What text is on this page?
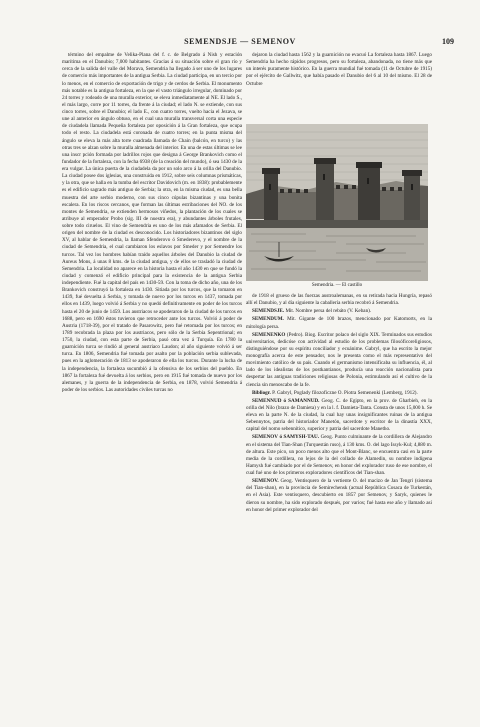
SEMENDSJE — SEMENOV	109

término del empalme de Velika-Plana del f. c. de Belgrado á Nish y estación marítima en el Danubio; 7,000 habitantes. Gracias á su situación sobre el gran río y cerca de la salida del valle del Morava, Semendria ha llegado á ser uno de los lugares de comercio más importantes de la antigua Serbia. La ciudad participa, en un tercio por lo menos, en el comercio de exportación de trigo y de cerdos de Serbia. El monumento más notable es la antigua fortaleza, en la que el vasto triángulo irregular, dominado por 24 torres y rodeado de una muralla exterior, se eleva inmediatamente al NE. El lado S., el más largo, corre por 11 torres, da frente á la ciudad; el lado N. se extiende, con sus cinco torres, sobre el Danubio; el lado E., con cuatro torres, vuelto hacia el Jezava, se une al anterior en ángulo obtuso, en el cual una muralla transversal corta una especie de ciudadela llamada Pequeña fortaleza por oposición á la Gran fortaleza, que ocupa todo el resto. La ciudadela está coronada de cuatro torres; en la punta misma del ángulo se eleva la más alta torre cuadrada llamada de Chain (balcón, en turco) y las otras tres se alzan sobre la muralla almenada del interior. En una de estas últimas se lee una inscr pción formada por ladrillos rojos que designa á George Brankovich como el fundador de la fortaleza, con la fecha 6938 (de la creación del mundo), ó sea 1430 de la era vulgar. La única puerta de la ciudadela da por un solo arco á la orilla del Danubio. La ciudad posee dos iglesias, una construida en 1912, sobre seis columnas prismáticas, y la otra, que se halla en la tumba del escritor Davidovich (m. en 1838): probablemente es el edificio sagrado más antiguo de Serbia; la otra, en la misma ciudad, es una bella muestra del arte serbio moderno, con sus cinco cúpulas bizantinas y una bonita escalera. En los riscos cercanos, que forman las últimas estribaciones del NO. de los montes de Semendria, se extienden hermosos viñedos, la plantación de los cuales se atribuye al emperador Probo (sig. III de nuestra era), y abundantes árboles frutales, sobre todo ciruelos. El vino de Semendria es uno de los más afamados de Serbia. El origen del nombre de la ciudad es desconocido. Los historiadores bizantinos del siglo XV, al hablar de Semendria, la llaman Sfenderovo ó Smederevo, y el nombre de la ciudad de Semendria, el cual cambiaron los eslavos por Smeder y por Semendre los turcos. Tal vez los hombres habían traído aquellos árboles del Danubio la ciudad de Aureus Mons, á unas 8 kms. de la ciudad antigua, y de ellos se trasladó la ciudad de Semendria. La localidad no aparece en la historia hasta el año 1430 en que se fundó la ciudad y comenzó el edificio principal para la existencia de la antigua Serbia independiente. Fué la capital del país en 1430-59. Con la toma de dicho año, una de los Brankovich construyó la fortaleza en 1430. Sitiada por los turcos, que la tomaron en 1439, fué devuelta á Serbia, y tomada de nuevo por los turcos en 1437, tomada por ellos en 1439, luego volvió á Serbia y no quedó definitivamente en poder de los turcos hasta el 20 de junio de 1459. Los austriacos se apoderaron de la ciudad de los turcos en 1688, pero en 1690 éstos tuvieron que retroceder ante los turcos. Volvió á poder de Austria (1718-39), por el tratado de Pasarowitz, pero fué retomada por los turcos; en 1789 recobrada la plaza por los austriacos, pero sólo de la Serbia Sepentrional; en 1750, la ciudad, con esta parte de Serbia, pasó otra vez á Turquía. En 1780 la guarnición turca se rindió al general austriaco Laudon; al año siguiente volvió á ser turca. En 1806, Semendria fué tomada por asalto por la población serbia sublevada, pues en la aglomeración de 1813 se apoderaron de ella los turcos. Durante la lucha de la independencia, la fortaleza sucumbió á la ofensiva de los serbios del pueblo. En 1867 la fortaleza fué devuelta á los serbios, pero en 1915 fué tomada de nuevo por los alemanes, y la guerra de la independencia de Serbia, en 1878, volvió Semendria á poder de los serbios. Las autoridades civiles turcas no

dejaron la ciudad hasta 1562 y la guarnición no evacuó La fortaleza hasta 1867. Luego Semendria ha hecho rápidos progresos, pero su fortaleza, abandonada, no tiene más que un interés puramente histórico. En la guerra mundial fué tomada (11 de Octubre de 1915) por el ejército de Gallwitz, que había pasado el Danubio del 6 al 10 del mismo. El 28 de Octubre

Semendria. — El castillo

de 1918 el grueso de las fuerzas austroalemanas, en su retirada hacia Hungría, repasó allí el Danubio, y al día siguiente la caballería serbia recobró á Semendria.

SEMENDSJE. Mit. Nombre persa del rebáto (V. Keban).

SEMENDUM. Mit. Gigante de 100 brazos, mencionado por Katomorts, en la mitología persa.

SEMENENKO (Pedro). Biog. Escritor polaco del siglo XIX. Terminados sus estudios universitarios, dedicóse con actividad al estudio de los problemas filosóficoreligiosos, distinguiéndose por su espíritu conciliador y ecuánime. Gabryl, que ha escrito la mejor monografía acerca de este pensador, nos le presenta como el más representativo del movimiento católico de su país. Cuando el germanismo intensificaba su influencia, él, al lado de los idealistas de los postkantianos, producía una reacción nacionalista para despertar las antiguas tradiciones religiosas de Polonia, estimulando así el cultivo de la ciencia sin menoscabo de la fe.

Bibliogr. P. Gabryl, Poglady filozoficzne O. Piotra Semenenki (Lemberg, 1912).

SEMENNUD ó SAMANNUD. Geog. C. de Egipto, en la prov. de Gharbieh, en la orilla del Nilo (brazo de Damieta) y en la l. f. Damieta-Tanta. Consta de unos 15,000 h. Se eleva en la parte N. de la ciudad, la cual hay unas insignificantes ruinas de la antigua Sebennytos, patria del historiador Manetón, sacerdote y escritor de la dinastía XXX, capital del nomo sebennítico, superior y patria del sacerdote Manetho.

SEMENOV ó SAMYSH-TAU. Geog. Punto culminante de la cordillera de Alejandro en el sistema del Tian-Shan (Turquestán ruso), á 130 kms. O. del lago Issyk-Kul; 4,880 m. de altura. Este pico, un poco menos alto que el Mont-Blanc, se encuentra casi en la parte media de la cordillera, no lejos de la del collado de Alamedin, su nombre indígena Hamysh fué cambiado por el de Semenov, en honor del explorador ruso de ese nombre, el cual fué uno de los primeros exploradores científicos del Tian-shan.

SEMENOV. Geog. Ventisquero de la vertiente O. del macizo de Jan Tengri (sistema del Tian-shan), en la provincia de Semirechensk (actual República Cosaca de Turkestán, en el Asia). Este ventisquero, descubierto en 1857 por Semenov, y Saryk, quienes le dieron su nombre, ha sido explorado después, por varios; fué hasta ese año y llamado así en honor del primer explorador del
